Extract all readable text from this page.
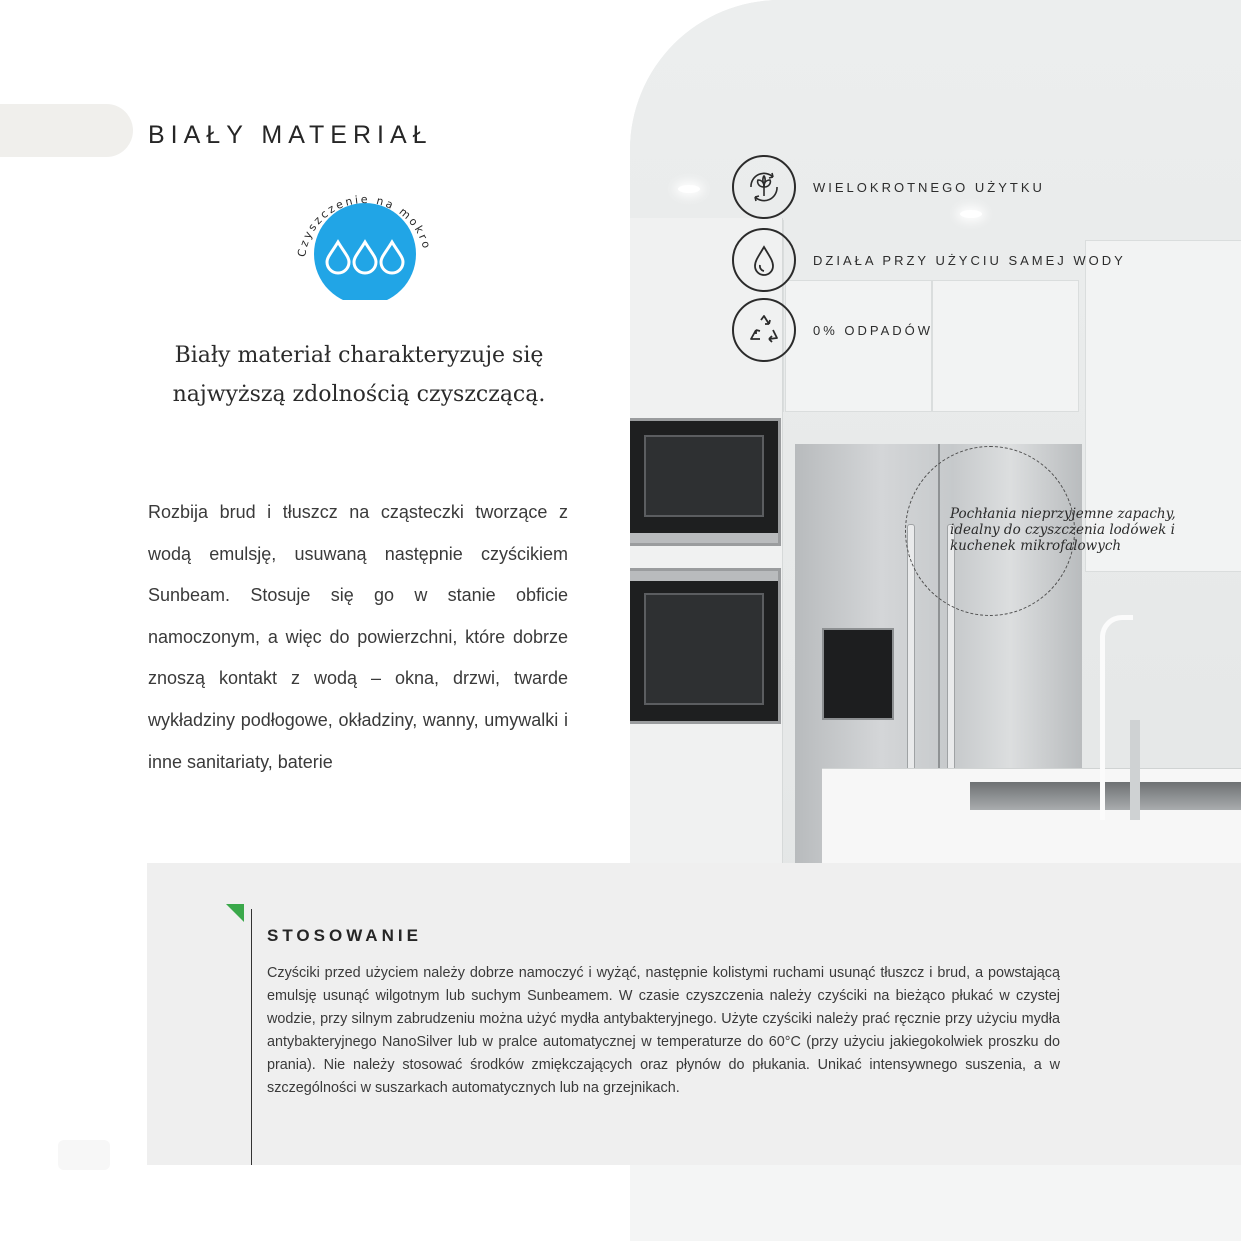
BIAŁY MATERIAŁ
Czyszczenie na mokro

Biały materiał charakteryzuje się najwyższą zdolnością czyszczącą.

Rozbija brud i tłuszcz na cząsteczki tworzące z wodą emulsję, usuwaną następnie czyścikiem Sunbeam. Stosuje się go w stanie obficie namoczonym, a więc do powierzchni, które dobrze znoszą kontakt z wodą – okna, drzwi, twarde wykładziny podłogowe, okładziny, wanny, umywalki i inne sanitariaty, baterie

WIELOKROTNEGO UŻYTKU
DZIAŁA PRZY UŻYCIU SAMEJ WODY
0% ODPADÓW

Pochłania nieprzyjemne zapachy, idealny do czyszczenia lodówek i kuchenek mikrofalowych

STOSOWANIE

Czyściki przed użyciem należy dobrze namoczyć i wyżąć, następnie kolistymi ruchami usunąć tłuszcz i brud, a powstającą emulsję usunąć wilgotnym lub suchym Sunbeamem. W czasie czyszczenia należy czyściki na bieżąco płukać w czystej wodzie, przy silnym zabrudzeniu można użyć mydła antybakteryjnego. Użyte czyściki należy prać ręcznie przy użyciu mydła antybakteryjnego NanoSilver lub w pralce automatycznej w temperaturze do 60°C (przy użyciu jakiegokolwiek proszku do prania). Nie należy stosować środków zmiękczających oraz płynów do płukania. Unikać intensywnego suszenia, a w szczególności w suszarkach automatycznych lub na grzejnikach.
